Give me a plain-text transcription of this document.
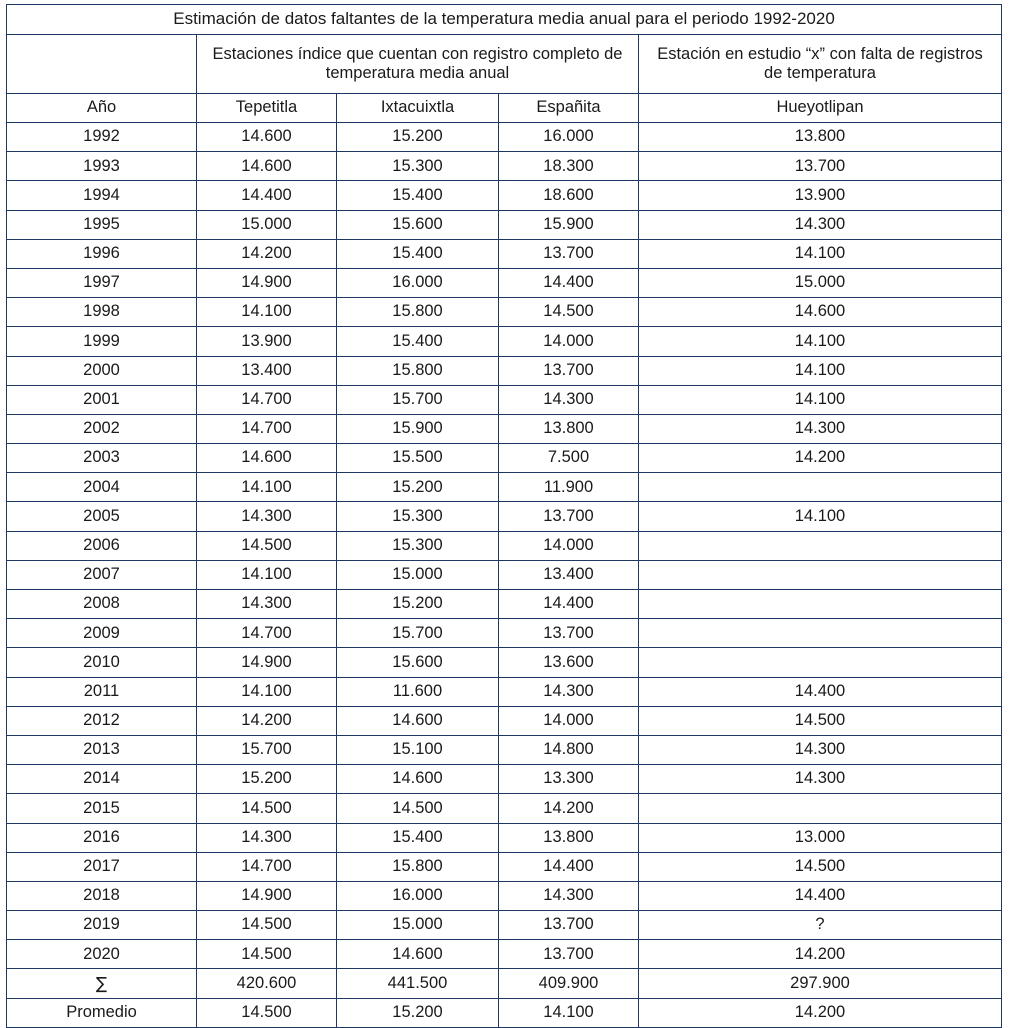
Estimación de datos faltantes de la temperatura media anual para el periodo 1992-2020				
	Estaciones índice que cuentan con registro completo de temperatura media anual			Estación en estudio “x” con falta de registros de temperatura
Año	Tepetitla	Ixtacuixtla	Españita	Hueyotlipan
1992	14.600	15.200	16.000	13.800
1993	14.600	15.300	18.300	13.700
1994	14.400	15.400	18.600	13.900
1995	15.000	15.600	15.900	14.300
1996	14.200	15.400	13.700	14.100
1997	14.900	16.000	14.400	15.000
1998	14.100	15.800	14.500	14.600
1999	13.900	15.400	14.000	14.100
2000	13.400	15.800	13.700	14.100
2001	14.700	15.700	14.300	14.100
2002	14.700	15.900	13.800	14.300
2003	14.600	15.500	7.500	14.200
2004	14.100	15.200	11.900	
2005	14.300	15.300	13.700	14.100
2006	14.500	15.300	14.000	
2007	14.100	15.000	13.400	
2008	14.300	15.200	14.400	
2009	14.700	15.700	13.700	
2010	14.900	15.600	13.600	
2011	14.100	11.600	14.300	14.400
2012	14.200	14.600	14.000	14.500
2013	15.700	15.100	14.800	14.300
2014	15.200	14.600	13.300	14.300
2015	14.500	14.500	14.200	
2016	14.300	15.400	13.800	13.000
2017	14.700	15.800	14.400	14.500
2018	14.900	16.000	14.300	14.400
2019	14.500	15.000	13.700	?
2020	14.500	14.600	13.700	14.200
∑	420.600	441.500	409.900	297.900
Promedio	14.500	15.200	14.100	14.200
